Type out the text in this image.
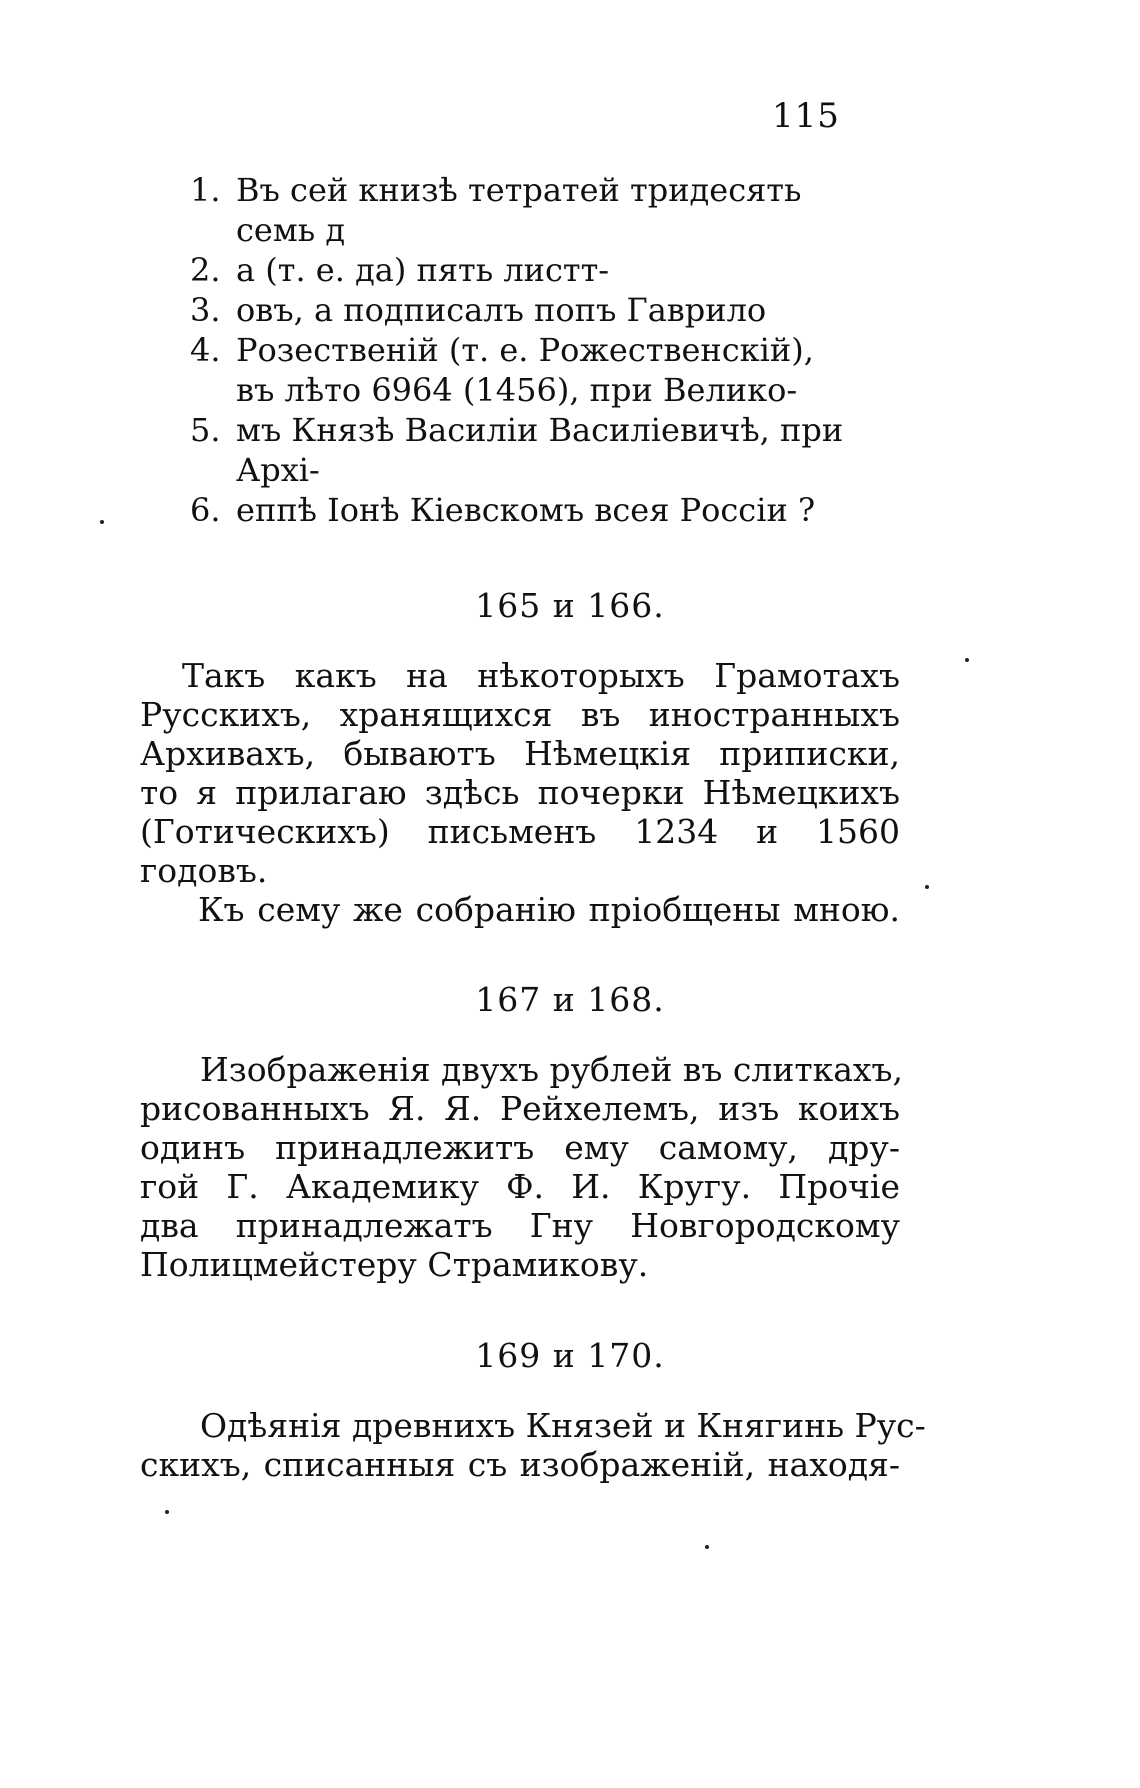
115
1. Въ сей книзѣ тетратей тридесять
семь д
2. а (т. е. да) пять листт-
3. овъ, а подписалъ попъ Гаврило
4. Розественій (т. е. Рожественскій),
въ лѣто 6964 (1456), при Велико-
5. мъ Князѣ Василіи Василіевичѣ, при
Архі-
6. еппѣ Іонѣ Кіевскомъ всея Россіи ?
165 и 166.
Такъ какъ на нѣкоторыхъ Грамотахъ
Русскихъ, хранящихся въ иностранныхъ
Архивахъ, бываютъ Нѣмецкія приписки,
то я прилагаю здѣсь почерки Нѣмецкихъ
(Готическихъ) письменъ 1234 и 1560
годовъ.
Къ сему же собранію пріобщены мною.
167 и 168.
Изображенія двухъ рублей въ слиткахъ,
рисованныхъ Я. Я. Рейхелемъ, изъ коихъ
одинъ принадлежитъ ему самому, дру-
гой Г. Академику Ф. И. Кругу. Прочіе
два принадлежатъ Гну Новгородскому
Полицмейстеру Страмикову.
169 и 170.
Одѣянія древнихъ Князей и Княгинь Рус-
скихъ, списанныя съ изображеній, находя-
